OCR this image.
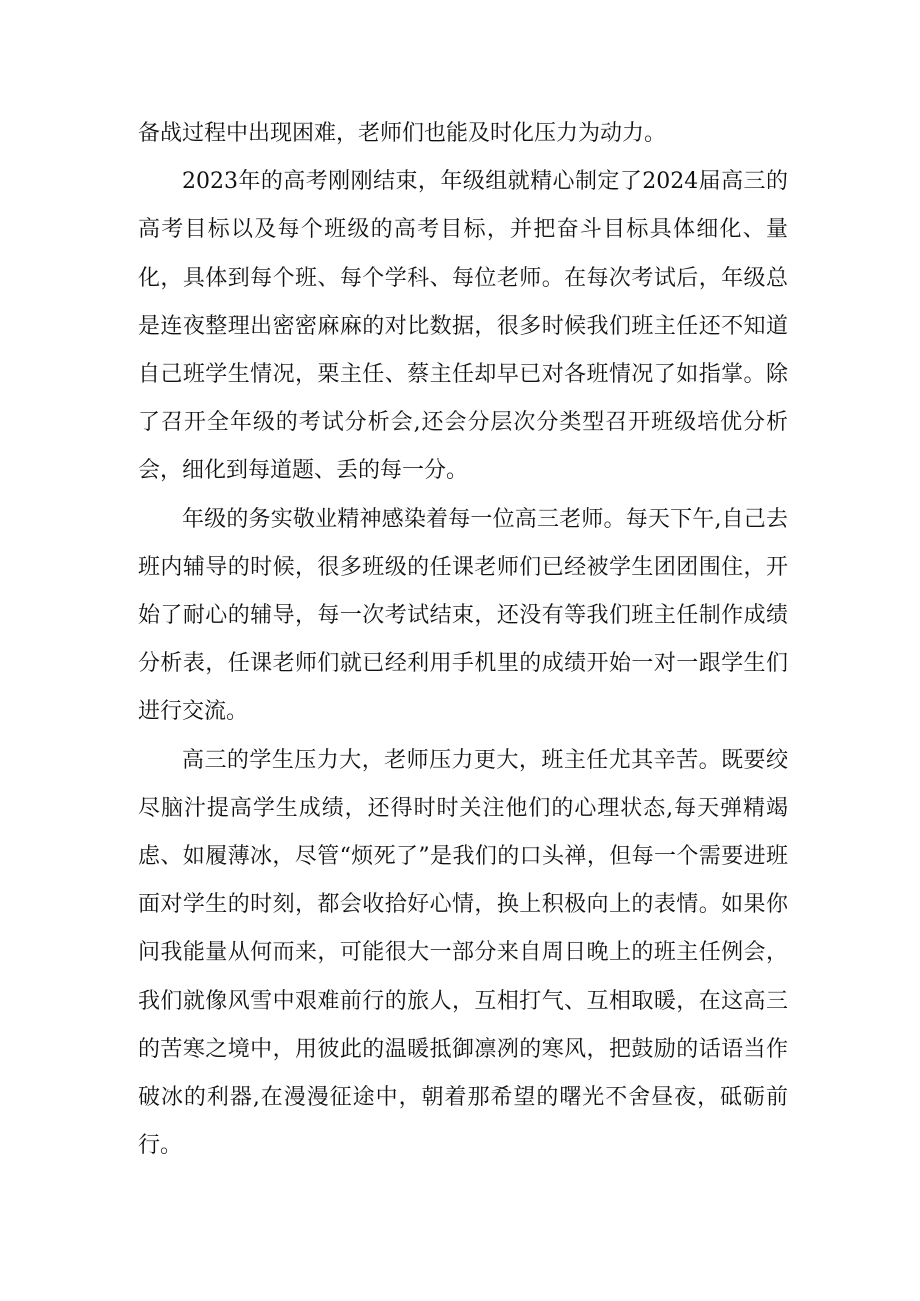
备战过程中出现困难，老师们也能及时化压力为动力。

2023年的高考刚刚结束，年级组就精心制定了2024届高三的高考目标以及每个班级的高考目标，并把奋斗目标具体细化、量化，具体到每个班、每个学科、每位老师。在每次考试后，年级总是连夜整理出密密麻麻的对比数据，很多时候我们班主任还不知道自己班学生情况，栗主任、蔡主任却早已对各班情况了如指掌。除了召开全年级的考试分析会,还会分层次分类型召开班级培优分析会，细化到每道题、丢的每一分。

年级的务实敬业精神感染着每一位高三老师。每天下午,自己去班内辅导的时候，很多班级的任课老师们已经被学生团团围住，开始了耐心的辅导，每一次考试结束，还没有等我们班主任制作成绩分析表，任课老师们就已经利用手机里的成绩开始一对一跟学生们进行交流。

高三的学生压力大，老师压力更大，班主任尤其辛苦。既要绞尽脑汁提高学生成绩，还得时时关注他们的心理状态,每天弹精竭虑、如履薄冰，尽管“烦死了”是我们的口头禅，但每一个需要进班面对学生的时刻，都会收拾好心情，换上积极向上的表情。如果你问我能量从何而来，可能很大一部分来自周日晚上的班主任例会，我们就像风雪中艰难前行的旅人，互相打气、互相取暖，在这高三的苦寒之境中，用彼此的温暖抵御凛冽的寒风，把鼓励的话语当作破冰的利器,在漫漫征途中，朝着那希望的曙光不舍昼夜，砥砺前行。
